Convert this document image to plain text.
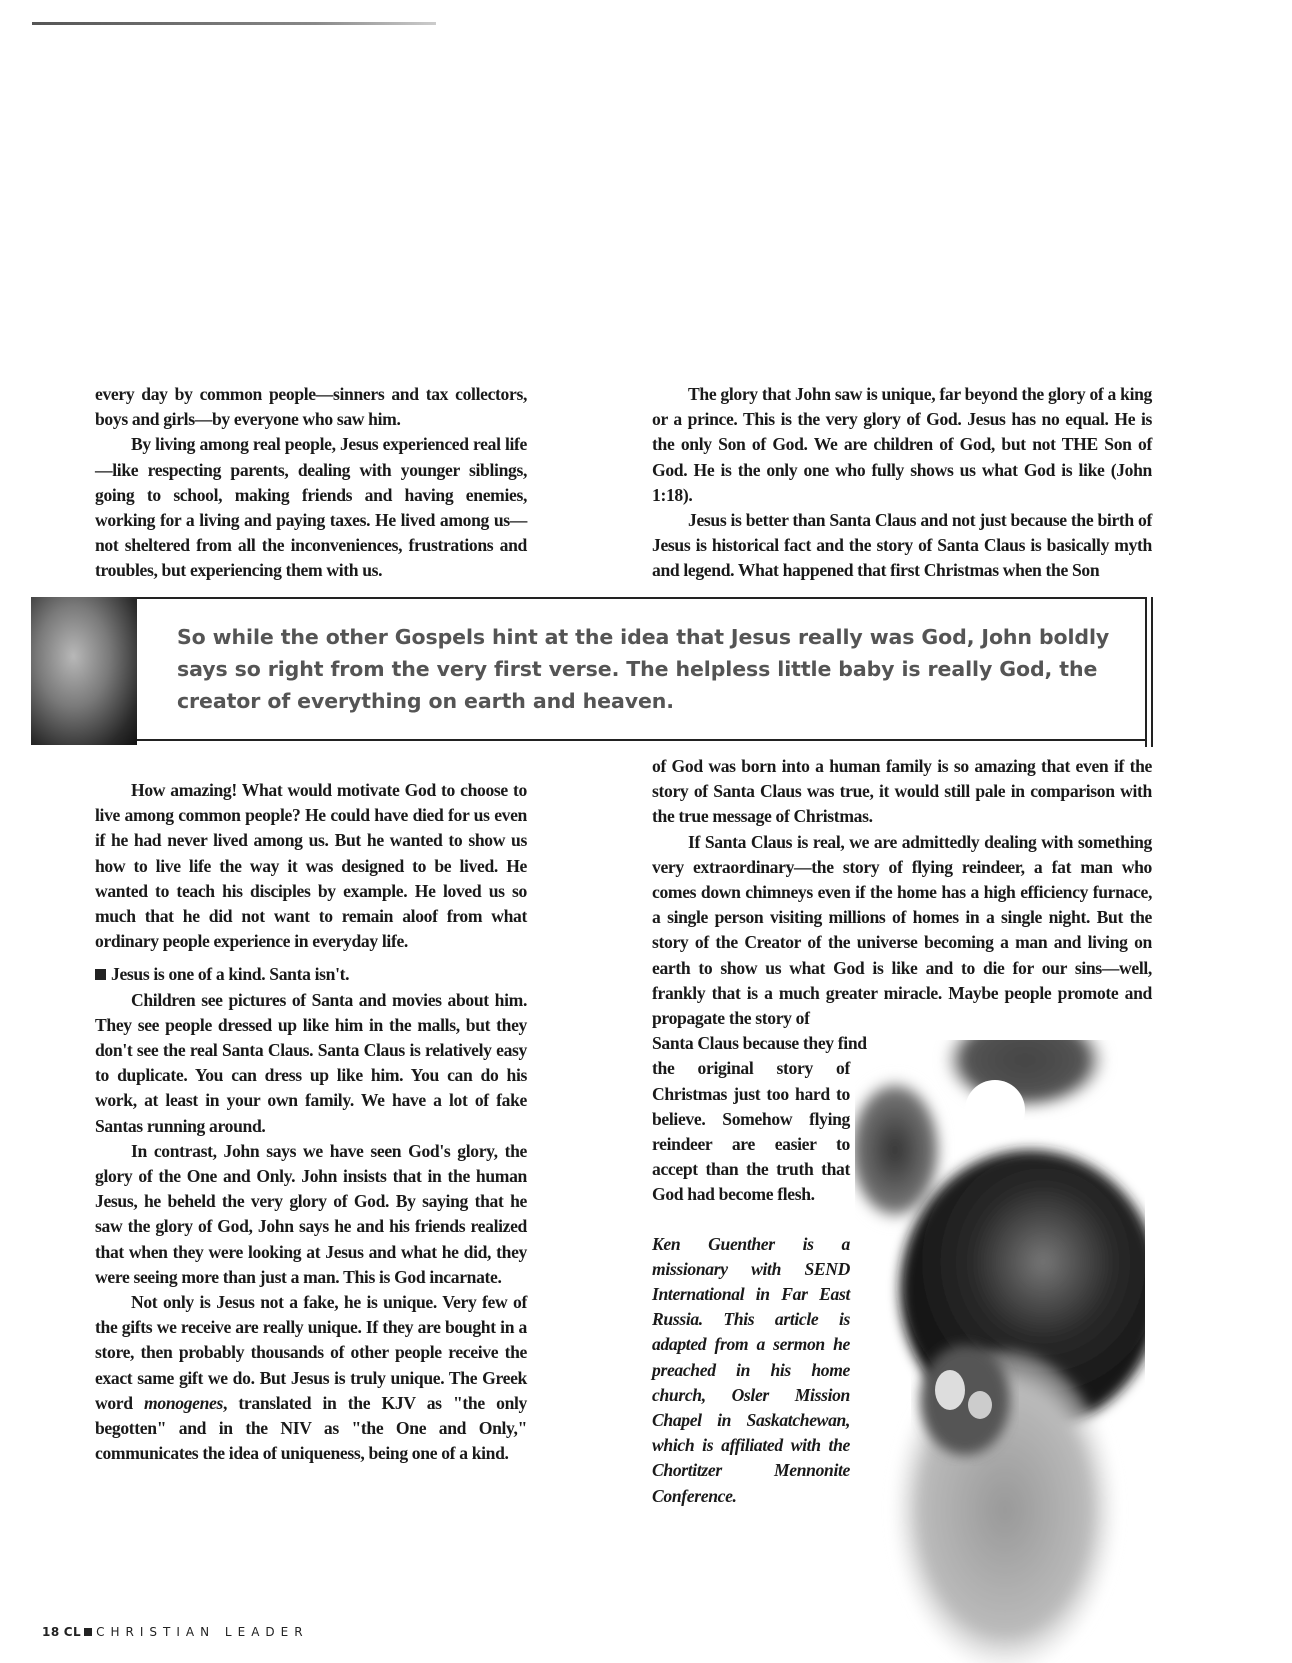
every day by common people—sinners and tax collectors, boys and girls—by everyone who saw him.

By living among real people, Jesus experienced real life—like respecting parents, dealing with younger siblings, going to school, making friends and having enemies, working for a living and paying taxes. He lived among us—not sheltered from all the inconveniences, frustrations and troubles, but experiencing them with us.

The glory that John saw is unique, far beyond the glory of a king or a prince. This is the very glory of God. Jesus has no equal. He is the only Son of God. We are children of God, but not THE Son of God. He is the only one who fully shows us what God is like (John 1:18).

Jesus is better than Santa Claus and not just because the birth of Jesus is historical fact and the story of Santa Claus is basically myth and legend. What happened that first Christmas when the Son

So while the other Gospels hint at the idea that Jesus really was God, John boldly says so right from the very first verse. The helpless little baby is really God, the creator of everything on earth and heaven.

How amazing! What would motivate God to choose to live among common people? He could have died for us even if he had never lived among us. But he wanted to show us how to live life the way it was designed to be lived. He wanted to teach his disciples by example. He loved us so much that he did not want to remain aloof from what ordinary people experience in everyday life.

Jesus is one of a kind. Santa isn't.

Children see pictures of Santa and movies about him. They see people dressed up like him in the malls, but they don't see the real Santa Claus. Santa Claus is relatively easy to duplicate. You can dress up like him. You can do his work, at least in your own family. We have a lot of fake Santas running around.

In contrast, John says we have seen God's glory, the glory of the One and Only. John insists that in the human Jesus, he beheld the very glory of God. By saying that he saw the glory of God, John says he and his friends realized that when they were looking at Jesus and what he did, they were seeing more than just a man. This is God incarnate.

Not only is Jesus not a fake, he is unique. Very few of the gifts we receive are really unique. If they are bought in a store, then probably thousands of other people receive the exact same gift we do. But Jesus is truly unique. The Greek word monogenes, translated in the KJV as "the only begotten" and in the NIV as "the One and Only," communicates the idea of uniqueness, being one of a kind.

of God was born into a human family is so amazing that even if the story of Santa Claus was true, it would still pale in comparison with the true message of Christmas.

If Santa Claus is real, we are admittedly dealing with something very extraordinary—the story of flying reindeer, a fat man who comes down chimneys even if the home has a high efficiency furnace, a single person visiting millions of homes in a single night. But the story of the Creator of the universe becoming a man and living on earth to show us what God is like and to die for our sins—well, frankly that is a much greater miracle. Maybe people promote and propagate the story of

Santa Claus because they find

the original story of Christmas just too hard to believe. Somehow flying reindeer are easier to accept than the truth that God had become flesh.

Ken Guenther is a missionary with SEND International in Far East Russia. This article is adapted from a sermon he preached in his home church, Osler Mission Chapel in Saskatchewan, which is affiliated with the Chortitzer Mennonite Conference.

18 CL CHRISTIAN LEADER
